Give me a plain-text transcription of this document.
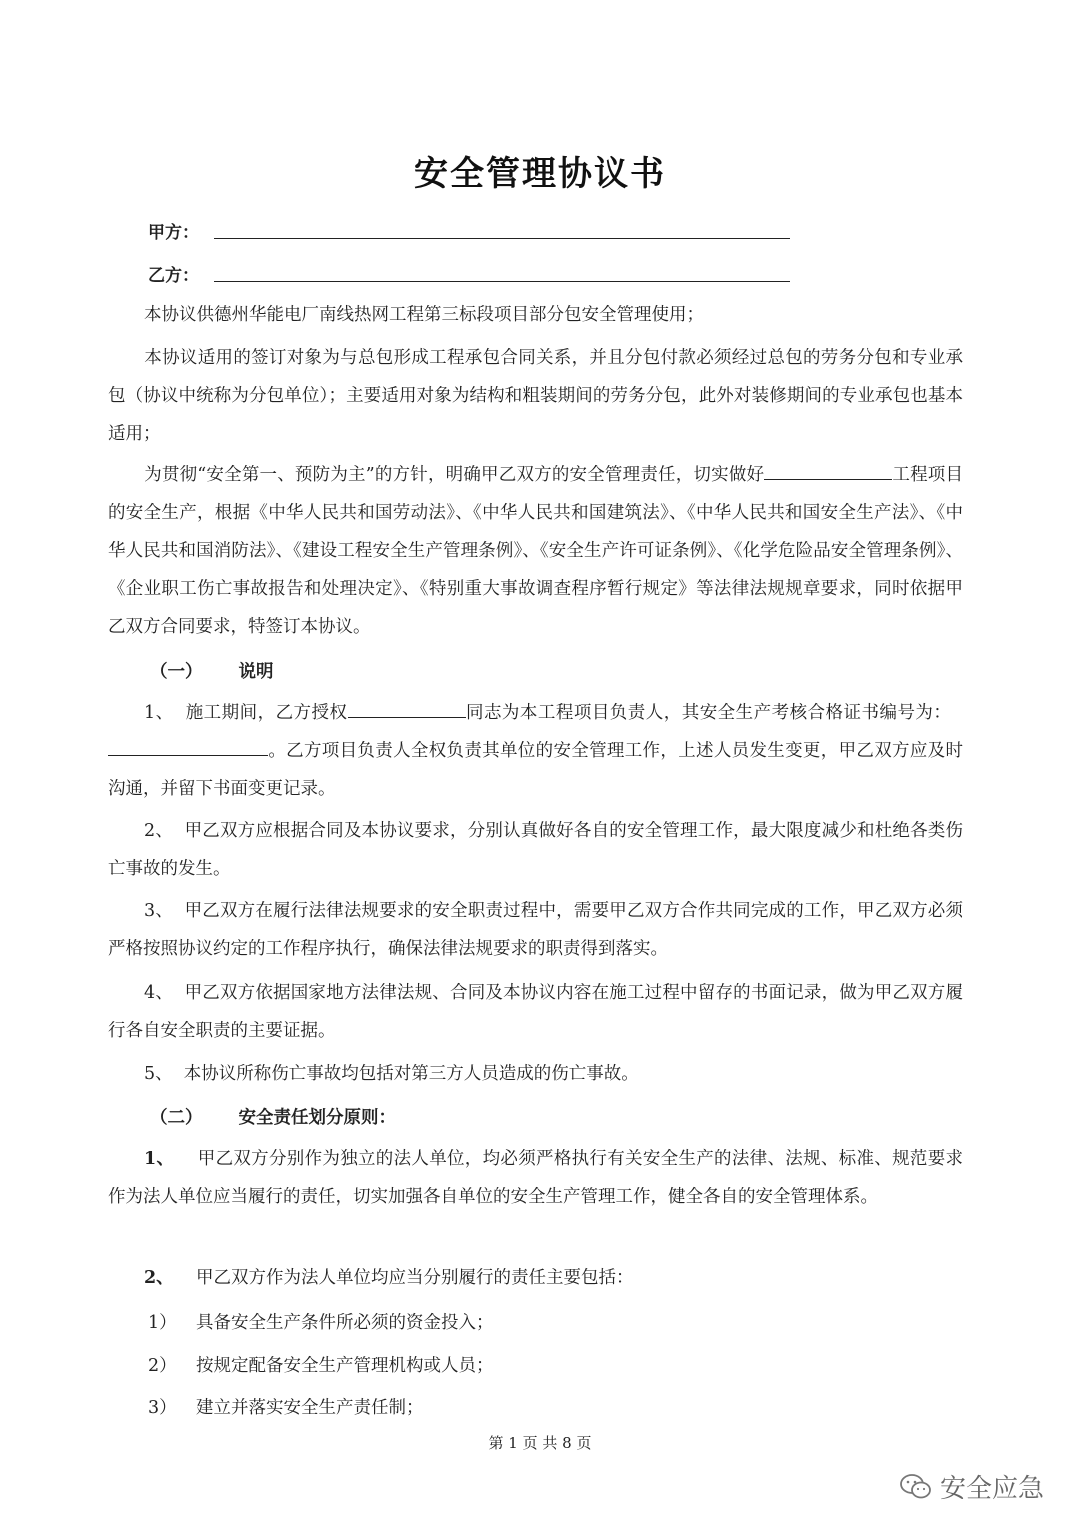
安全管理协议书
甲方：
乙方：
本协议供德州华能电厂南线热网工程第三标段项目部分包安全管理使用；
本协议适用的签订对象为与总包形成工程承包合同关系，并且分包付款必须经过总包的劳务分包和专业承包（协议中统称为分包单位）；主要适用对象为结构和粗装期间的劳务分包，此外对装修期间的专业承包也基本适用；
为贯彻“安全第一、预防为主”的方针，明确甲乙双方的安全管理责任，切实做好	工程项目的安全生产，根据《中华人民共和国劳动法》、《中华人民共和国建筑法》、《中华人民共和国安全生产法》、《中华人民共和国消防法》、《建设工程安全生产管理条例》、《安全生产许可证条例》、《化学危险品安全管理条例》、《企业职工伤亡事故报告和处理决定》、《特别重大事故调查程序暂行规定》等法律法规规章要求，同时依据甲乙双方合同要求，特签订本协议。
（一） 说明
1、 施工期间，乙方授权	同志为本工程项目负责人，其安全生产考核合格证书编号为：  。乙方项目负责人全权负责其单位的安全管理工作，上述人员发生变更，甲乙双方应及时沟通，并留下书面变更记录。
2、 甲乙双方应根据合同及本协议要求，分别认真做好各自的安全管理工作，最大限度减少和杜绝各类伤亡事故的发生。
3、 甲乙双方在履行法律法规要求的安全职责过程中，需要甲乙双方合作共同完成的工作，甲乙双方必须严格按照协议约定的工作程序执行，确保法律法规要求的职责得到落实。
4、 甲乙双方依据国家地方法律法规、合同及本协议内容在施工过程中留存的书面记录，做为甲乙双方履行各自安全职责的主要证据。
5、 本协议所称伤亡事故均包括对第三方人员造成的伤亡事故。
（二） 安全责任划分原则：
1、 甲乙双方分别作为独立的法人单位，均必须严格执行有关安全生产的法律、法规、标准、规范要求作为法人单位应当履行的责任，切实加强各自单位的安全生产管理工作，健全各自的安全管理体系。
2、 甲乙双方作为法人单位均应当分别履行的责任主要包括：
1） 具备安全生产条件所必须的资金投入；
2） 按规定配备安全生产管理机构或人员；
3） 建立并落实安全生产责任制；
第 1 页 共 8 页
安全应急
